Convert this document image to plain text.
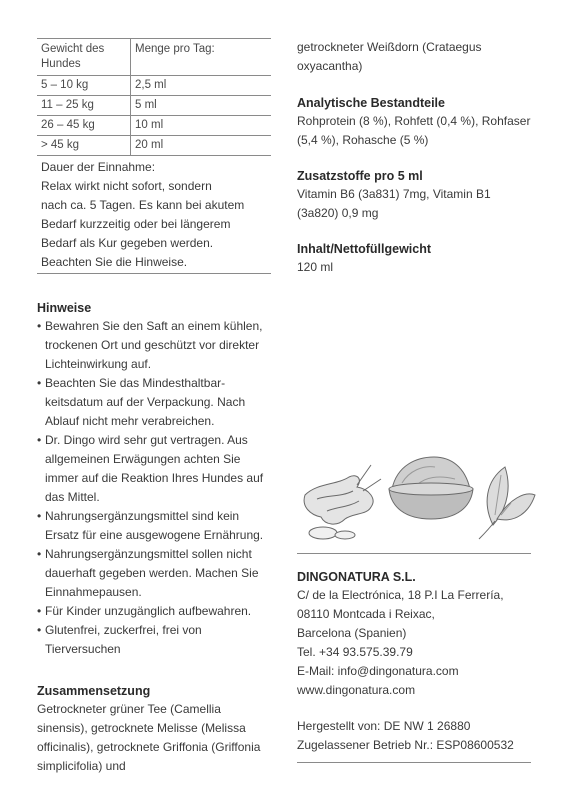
Gewicht des Hundes	Menge pro Tag:
5 – 10 kg	2,5 ml
11 – 25 kg	5 ml
26 – 45 kg	10 ml
> 45 kg	20 ml
Dauer der Einnahme:
Relax wirkt nicht sofort, sondern
nach ca. 5 Tagen. Es kann bei akutem
Bedarf kurzzeitig oder bei längerem
Bedarf als Kur gegeben werden.
Beachten Sie die Hinweise.
Hinweise
• Bewahren Sie den Saft an einem kühlen, trockenen Ort und geschützt vor direkter Lichteinwirkung auf.
• Beachten Sie das Mindesthaltbar-keitsdatum auf der Verpackung. Nach Ablauf nicht mehr verabreichen.
• Dr. Dingo wird sehr gut vertragen. Aus allgemeinen Erwägungen achten Sie immer auf die Reaktion Ihres Hundes auf das Mittel.
• Nahrungsergänzungsmittel sind kein Ersatz für eine ausgewogene Ernährung.
• Nahrungsergänzungsmittel sollen nicht dauerhaft gegeben werden. Machen Sie Einnahmepausen.
• Für Kinder unzugänglich aufbewahren.
• Glutenfrei, zuckerfrei, frei von Tierversuchen
Zusammensetzung

Getrockneter grüner Tee (Camellia sinensis), getrocknete Melisse (Melissa officinalis), getrocknete Griffonia (Griffonia simplicifolia) und

getrockneter Weißdorn (Crataegus oxyacantha)

Analytische Bestandteile

Rohprotein (8 %), Rohfett (0,4 %), Rohfaser (5,4 %), Rohasche (5 %)

Zusatzstoffe pro 5 ml

Vitamin B6 (3a831) 7mg, Vitamin B1 (3a820) 0,9 mg

Inhalt/Nettofüllgewicht

120 ml

DINGONATURA S.L.
C/ de la Electrónica, 18 P.I La Ferrería,
08110 Montcada i Reixac,
Barcelona (Spanien)
Tel. +34 93.575.39.79
E-Mail: info@dingonatura.com
www.dingonatura.com
Hergestellt von: DE NW 1 26880
Zugelassener Betrieb Nr.: ESP08600532
